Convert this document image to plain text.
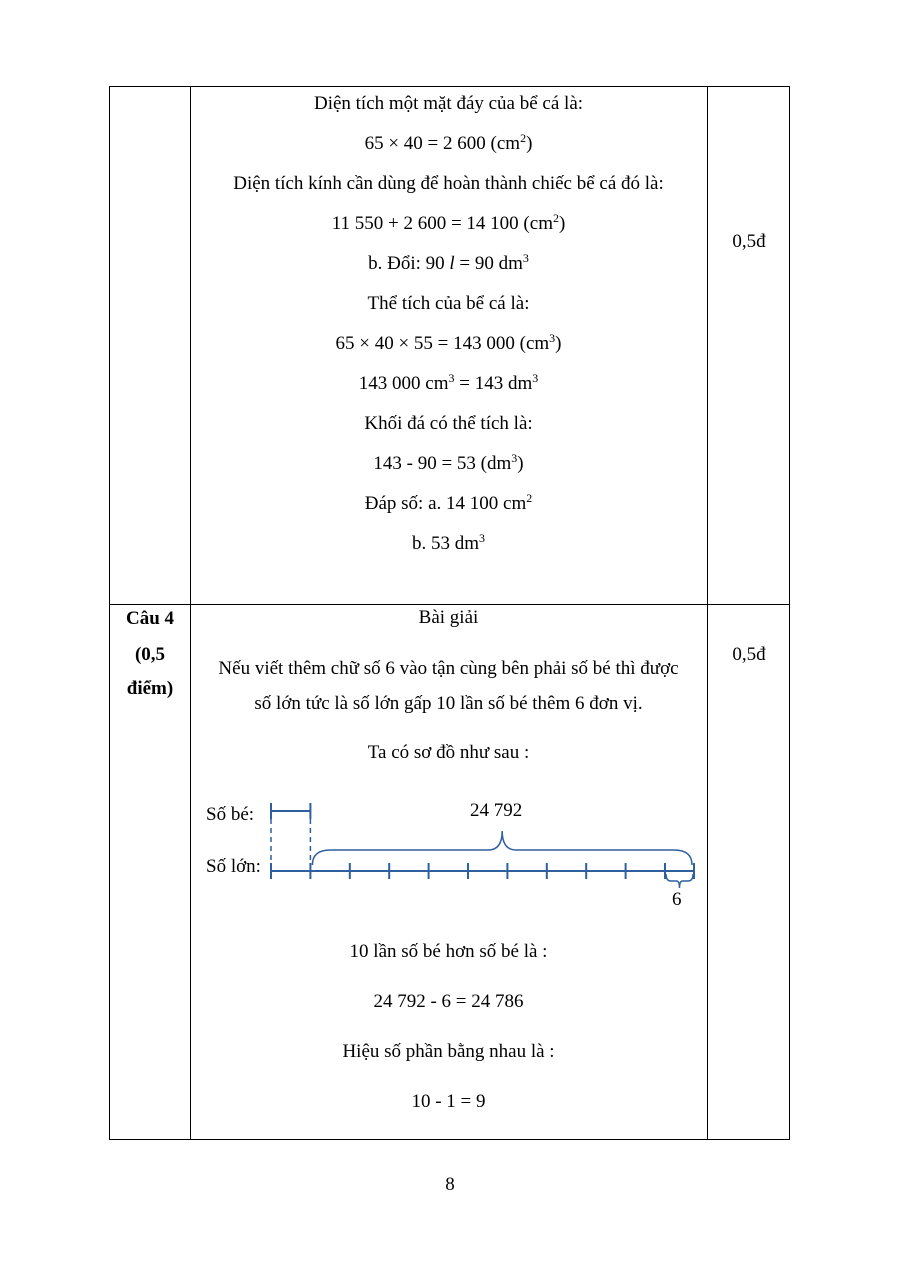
Diện tích một mặt đáy của bể cá là:
65 × 40 = 2 600 $(cm^2)$
Diện tích kính cần dùng để hoàn thành chiếc bể cá đó là:
11 550 + 2 600 = 14 100 $(cm^2)$
b. Đổi: 90 l = 90 $dm^3$
Thể tích của bể cá là:
65 × 40 × 55 = 143 000 $(cm^3)$
143 000 $cm^3 = 143$ $dm^3$
Khối đá có thể tích là:
143 - 90 = 53 $(dm^3)$
Đáp số: a. 14 100 $cm^2$
b. 53 $dm^3$
0,5đ
Câu 4
(0,5
điểm)
Bài giải
Nếu viết thêm chữ số 6 vào tận cùng bên phải số bé thì được
số lớn tức là số lớn gấp 10 lần số bé thêm 6 đơn vị.
Ta có sơ đồ như sau :
0,5đ
Số bé:
Số lớn:
24 792
6
10 lần số bé hơn số bé là :
24 792 - 6 = 24 786
Hiệu số phần bằng nhau là :
10 - 1 = 9
8
